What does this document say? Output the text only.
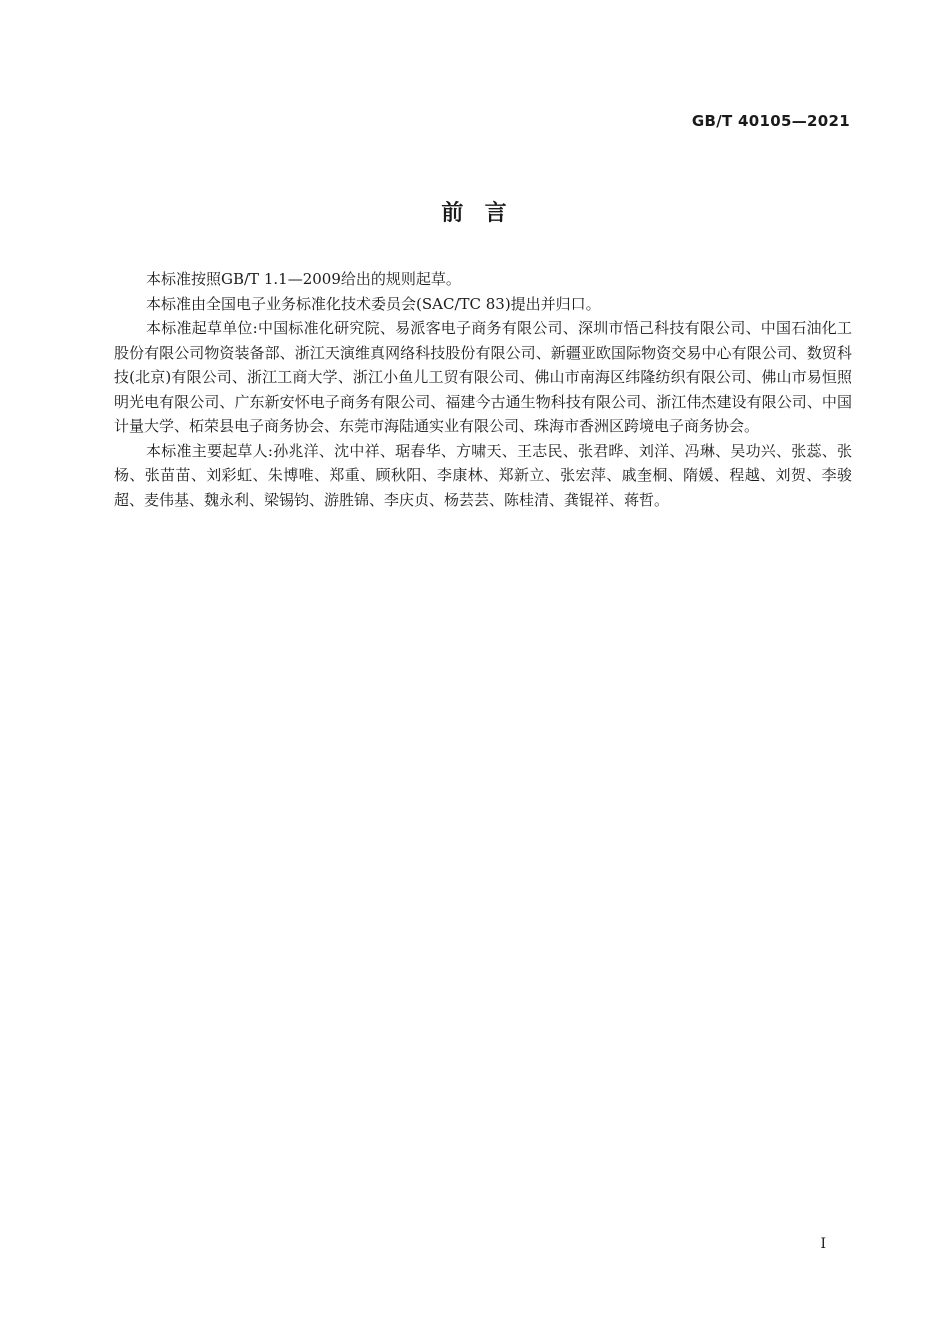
GB/T 40105—2021
前  言

本标准按照GB/T 1.1—2009给出的规则起草。

本标准由全国电子业务标准化技术委员会(SAC/TC 83)提出并归口。

本标准起草单位:中国标准化研究院、易派客电子商务有限公司、深圳市悟己科技有限公司、中国石油化工股份有限公司物资装备部、浙江天演维真网络科技股份有限公司、新疆亚欧国际物资交易中心有限公司、数贸科技(北京)有限公司、浙江工商大学、浙江小鱼儿工贸有限公司、佛山市南海区纬隆纺织有限公司、佛山市易恒照明光电有限公司、广东新安怀电子商务有限公司、福建今古通生物科技有限公司、浙江伟杰建设有限公司、中国计量大学、柘荣县电子商务协会、东莞市海陆通实业有限公司、珠海市香洲区跨境电子商务协会。

本标准主要起草人:孙兆洋、沈中祥、琚春华、方啸天、王志民、张君晔、刘洋、冯琳、吴功兴、张蕊、张杨、张苗苗、刘彩虹、朱博唯、郑重、顾秋阳、李康林、郑新立、张宏萍、戚奎桐、隋媛、程越、刘贺、李骏超、麦伟基、魏永利、梁锡钧、游胜锦、李庆贞、杨芸芸、陈桂清、龚锟祥、蒋哲。

I
